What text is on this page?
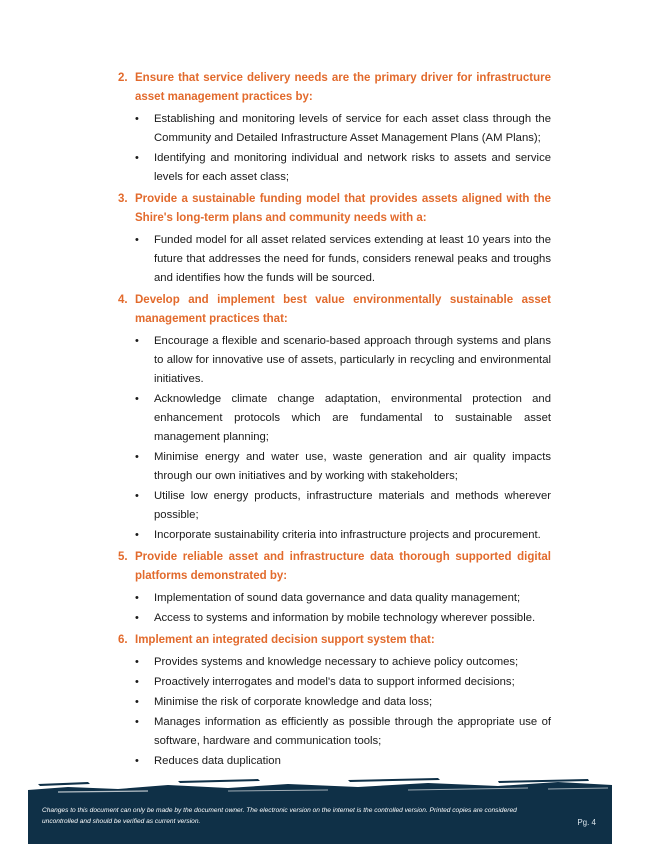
2. Ensure that service delivery needs are the primary driver for infrastructure asset management practices by:
•	Establishing and monitoring levels of service for each asset class through the Community and Detailed Infrastructure Asset Management Plans (AM Plans);
•	Identifying and monitoring individual and network risks to assets and service levels for each asset class;
3. Provide a sustainable funding model that provides assets aligned with the Shire's long-term plans and community needs with a:
•	Funded model for all asset related services extending at least 10 years into the future that addresses the need for funds, considers renewal peaks and troughs and identifies how the funds will be sourced.
4. Develop and implement best value environmentally sustainable asset management practices that:
•	Encourage a flexible and scenario-based approach through systems and plans to allow for innovative use of assets, particularly in recycling and environmental initiatives.
•	Acknowledge climate change adaptation, environmental protection and enhancement protocols which are fundamental to sustainable asset management planning;
•	Minimise energy and water use, waste generation and air quality impacts through our own initiatives and by working with stakeholders;
•	Utilise low energy products, infrastructure materials and methods wherever possible;
•	Incorporate sustainability criteria into infrastructure projects and procurement.
5. Provide reliable asset and infrastructure data thorough supported digital platforms demonstrated by:
•	Implementation of sound data governance and data quality management;
•	Access to systems and information by mobile technology wherever possible.
6. Implement an integrated decision support system that:
•	Provides systems and knowledge necessary to achieve policy outcomes;
•	Proactively interrogates and model's data to support informed decisions;
•	Minimise the risk of corporate knowledge and data loss;
•	Manages information as efficiently as possible through the appropriate use of software, hardware and communication tools;
•	Reduces data duplication
Changes to this document can only be made by the document owner. The electronic version on the internet is the controlled version. Printed copies are considered uncontrolled and should be verified as current version.	Pg. 4
